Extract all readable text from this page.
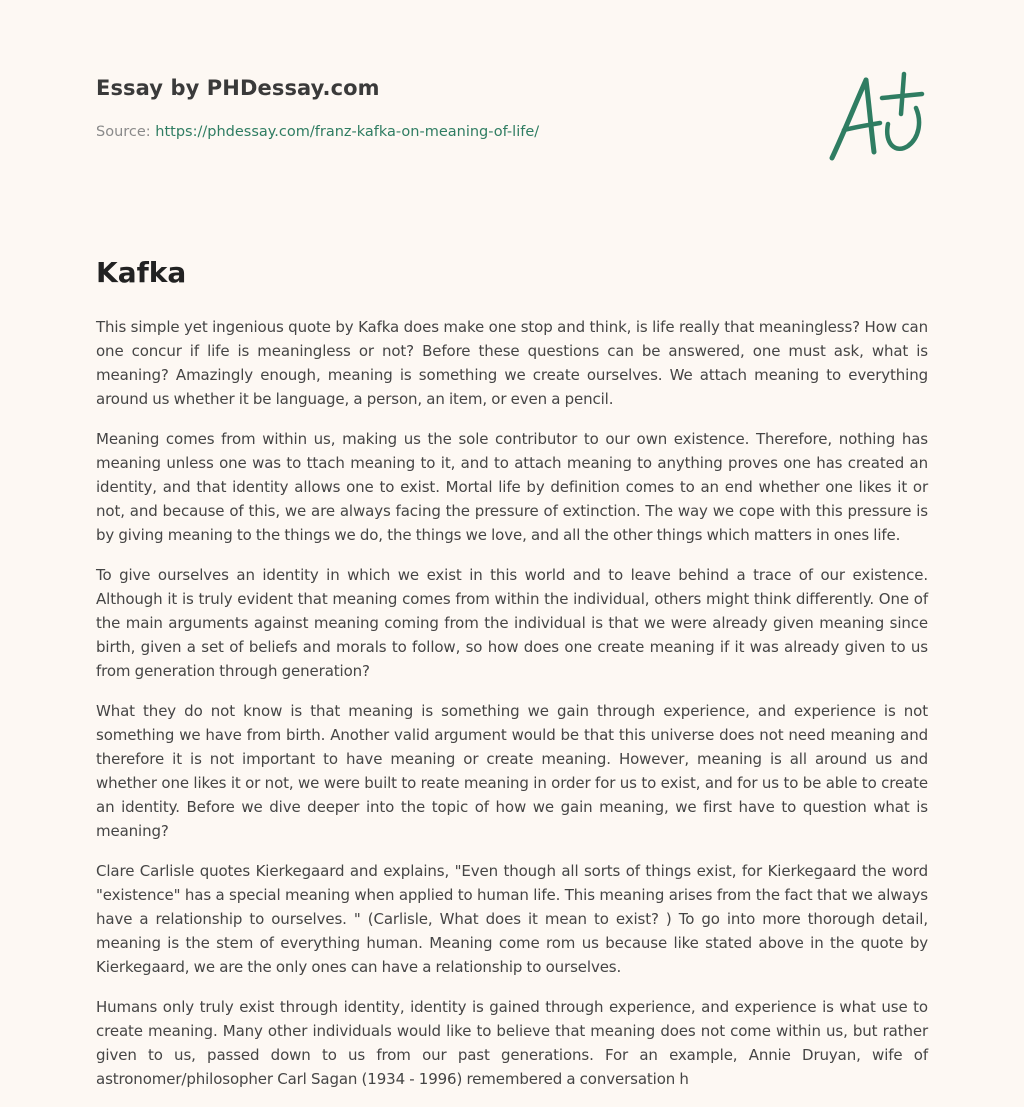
Essay by PHDessay.com
Source: https://phdessay.com/franz-kafka-on-meaning-of-life/
Kafka

This simple yet ingenious quote by Kafka does make one stop and think, is life really that meaningless? How can one concur if life is meaningless or not? Before these questions can be answered, one must ask, what is meaning? Amazingly enough, meaning is something we create ourselves. We attach meaning to everything around us whether it be language, a person, an item, or even a pencil.

Meaning comes from within us, making us the sole contributor to our own existence. Therefore, nothing has meaning unless one was to ttach meaning to it, and to attach meaning to anything proves one has created an identity, and that identity allows one to exist. Mortal life by definition comes to an end whether one likes it or not, and because of this, we are always facing the pressure of extinction. The way we cope with this pressure is by giving meaning to the things we do, the things we love, and all the other things which matters in ones life.

To give ourselves an identity in which we exist in this world and to leave behind a trace of our existence. Although it is truly evident that meaning comes from within the individual, others might think differently. One of the main arguments against meaning coming from the individual is that we were already given meaning since birth, given a set of beliefs and morals to follow, so how does one create meaning if it was already given to us from generation through generation?

What they do not know is that meaning is something we gain through experience, and experience is not something we have from birth. Another valid argument would be that this universe does not need meaning and therefore it is not important to have meaning or create meaning. However, meaning is all around us and whether one likes it or not, we were built to reate meaning in order for us to exist, and for us to be able to create an identity. Before we dive deeper into the topic of how we gain meaning, we first have to question what is meaning?

Clare Carlisle quotes Kierkegaard and explains, "Even though all sorts of things exist, for Kierkegaard the word "existence" has a special meaning when applied to human life. This meaning arises from the fact that we always have a relationship to ourselves. " (Carlisle, What does it mean to exist? ) To go into more thorough detail, meaning is the stem of everything human. Meaning come rom us because like stated above in the quote by Kierkegaard, we are the only ones can have a relationship to ourselves.

Humans only truly exist through identity, identity is gained through experience, and experience is what use to create meaning. Many other individuals would like to believe that meaning does not come within us, but rather given to us, passed down to us from our past generations. For an example, Annie Druyan, wife of astronomer/philosopher Carl Sagan (1934 - 1996) remembered a conversation h
